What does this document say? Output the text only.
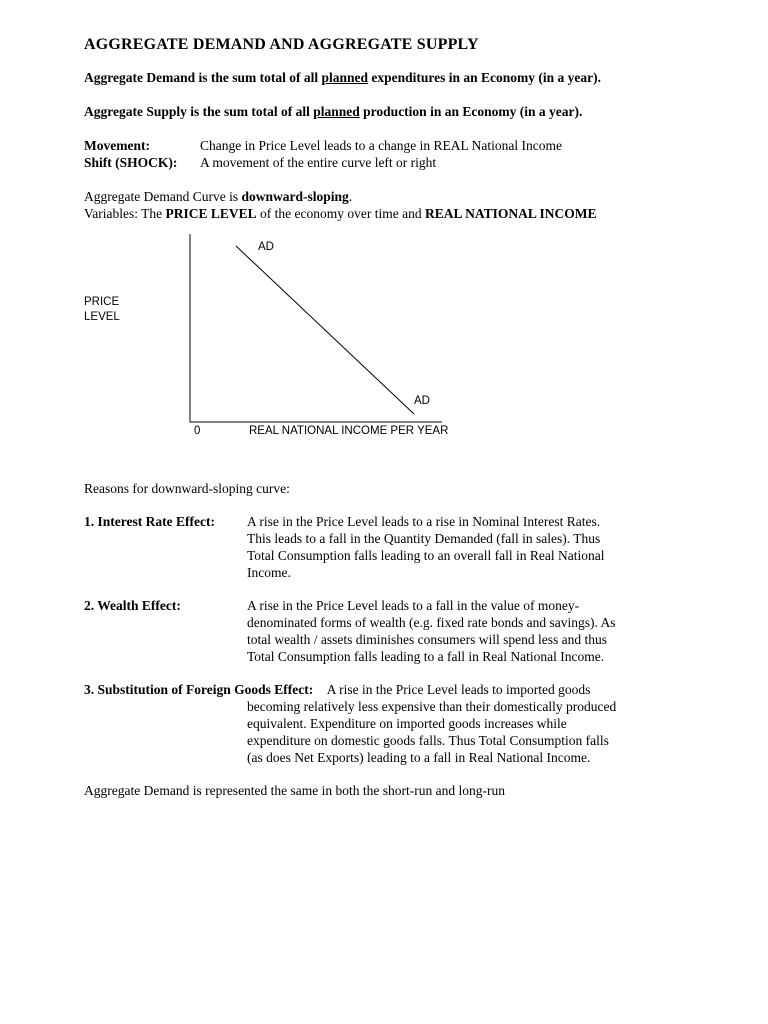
AGGREGATE DEMAND AND AGGREGATE SUPPLY
Aggregate Demand is the sum total of all planned expenditures in an Economy (in a year).
Aggregate Supply is the sum total of all planned production in an Economy (in a year).
Movement:	Change in Price Level leads to a change in REAL National Income
Shift (SHOCK):	A movement of the entire curve left or right
Aggregate Demand Curve is downward-sloping.
Variables: The PRICE LEVEL of the economy over time and REAL NATIONAL INCOME
AD
AD
PRICE
LEVEL
0	REAL NATIONAL INCOME PER YEAR
Reasons for downward-sloping curve:
1. Interest Rate Effect:	A rise in the Price Level leads to a rise in Nominal Interest Rates.
This leads to a fall in the Quantity Demanded (fall in sales). Thus
Total Consumption falls leading to an overall fall in Real National
Income.
2. Wealth Effect:	A rise in the Price Level leads to a fall in the value of money-
denominated forms of wealth (e.g. fixed rate bonds and savings). As
total wealth / assets diminishes consumers will spend less and thus
Total Consumption falls leading to a fall in Real National Income.
3. Substitution of Foreign Goods Effect: A rise in the Price Level leads to imported goods
becoming relatively less expensive than their domestically produced
equivalent. Expenditure on imported goods increases while
expenditure on domestic goods falls. Thus Total Consumption falls
(as does Net Exports) leading to a fall in Real National Income.
Aggregate Demand is represented the same in both the short-run and long-run
